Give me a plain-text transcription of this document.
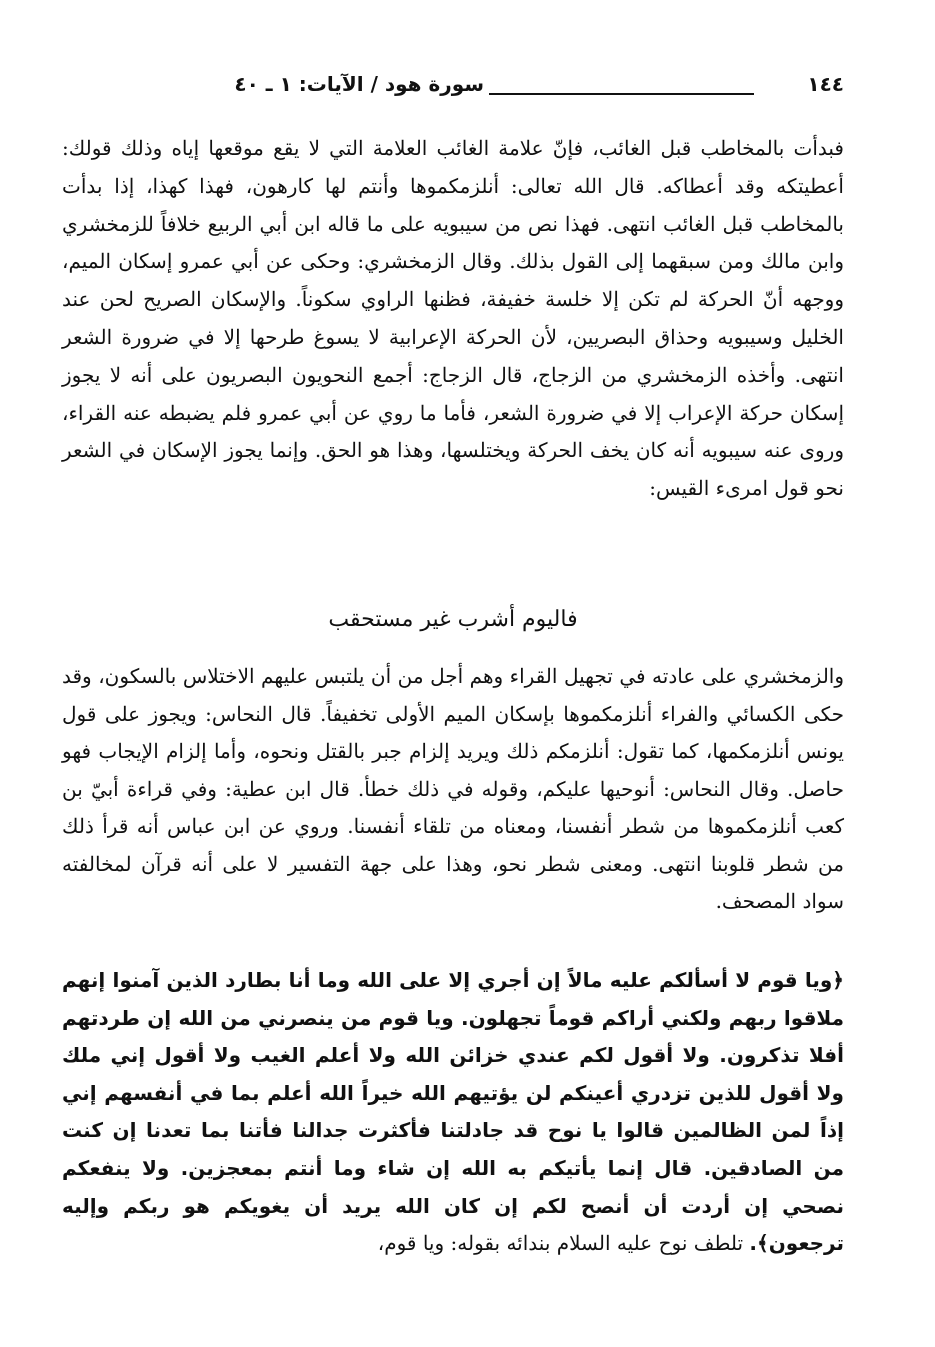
١٤٤
سورة هود / الآيات: ١ ـ ٤٠

فبدأت بالمخاطب قبل الغائب، فإنّ علامة الغائب العلامة التي لا يقع موقعها إياه وذلك قولك: أعطيتكه وقد أعطاكه. قال الله تعالى: أنلزمكموها وأنتم لها كارهون، فهذا كهذا، إذا بدأت بالمخاطب قبل الغائب انتهى. فهذا نص من سيبويه على ما قاله ابن أبي الربيع خلافاً للزمخشري وابن مالك ومن سبقهما إلى القول بذلك. وقال الزمخشري: وحكى عن أبي عمرو إسكان الميم، ووجهه أنّ الحركة لم تكن إلا خلسة خفيفة، فظنها الراوي سكوناً. والإسكان الصريح لحن عند الخليل وسيبويه وحذاق البصريين، لأن الحركة الإعرابية لا يسوغ طرحها إلا في ضرورة الشعر انتهى. وأخذه الزمخشري من الزجاج، قال الزجاج: أجمع النحويون البصريون على أنه لا يجوز إسكان حركة الإعراب إلا في ضرورة الشعر، فأما ما روي عن أبي عمرو فلم يضبطه عنه القراء، وروى عنه سيبويه أنه كان يخف الحركة ويختلسها، وهذا هو الحق. وإنما يجوز الإسكان في الشعر نحو قول امرىء القيس:

فاليوم أشرب غير مستحقب

والزمخشري على عادته في تجهيل القراء وهم أجل من أن يلتبس عليهم الاختلاس بالسكون، وقد حكى الكسائي والفراء أنلزمكموها بإسكان الميم الأولى تخفيفاً. قال النحاس: ويجوز على قول يونس أنلزمكمها، كما تقول: أنلزمكم ذلك ويريد إلزام جبر بالقتل ونحوه، وأما إلزام الإيجاب فهو حاصل. وقال النحاس: أنوحيها عليكم، وقوله في ذلك خطأ. قال ابن عطية: وفي قراءة أبيّ بن كعب أنلزمكموها من شطر أنفسنا، ومعناه من تلقاء أنفسنا. وروي عن ابن عباس أنه قرأ ذلك من شطر قلوبنا انتهى. ومعنى شطر نحو، وهذا على جهة التفسير لا على أنه قرآن لمخالفته سواد المصحف.

﴿ويا قوم لا أسألكم عليه مالاً إن أجري إلا على الله وما أنا بطارد الذين آمنوا إنهم ملاقوا ربهم ولكني أراكم قوماً تجهلون. ويا قوم من ينصرني من الله إن طردتهم أفلا تذكرون. ولا أقول لكم عندي خزائن الله ولا أعلم الغيب ولا أقول إني ملك ولا أقول للذين تزدري أعينكم لن يؤتيهم الله خيراً الله أعلم بما في أنفسهم إني إذاً لمن الظالمين قالوا يا نوح قد جادلتنا فأكثرت جدالنا فأتنا بما تعدنا إن كنت من الصادقين. قال إنما يأتيكم به الله إن شاء وما أنتم بمعجزين. ولا ينفعكم نصحي إن أردت أن أنصح لكم إن كان الله يريد أن يغويكم هو ربكم وإليه ترجعون﴾. تلطف نوح عليه السلام بندائه بقوله: ويا قوم،
